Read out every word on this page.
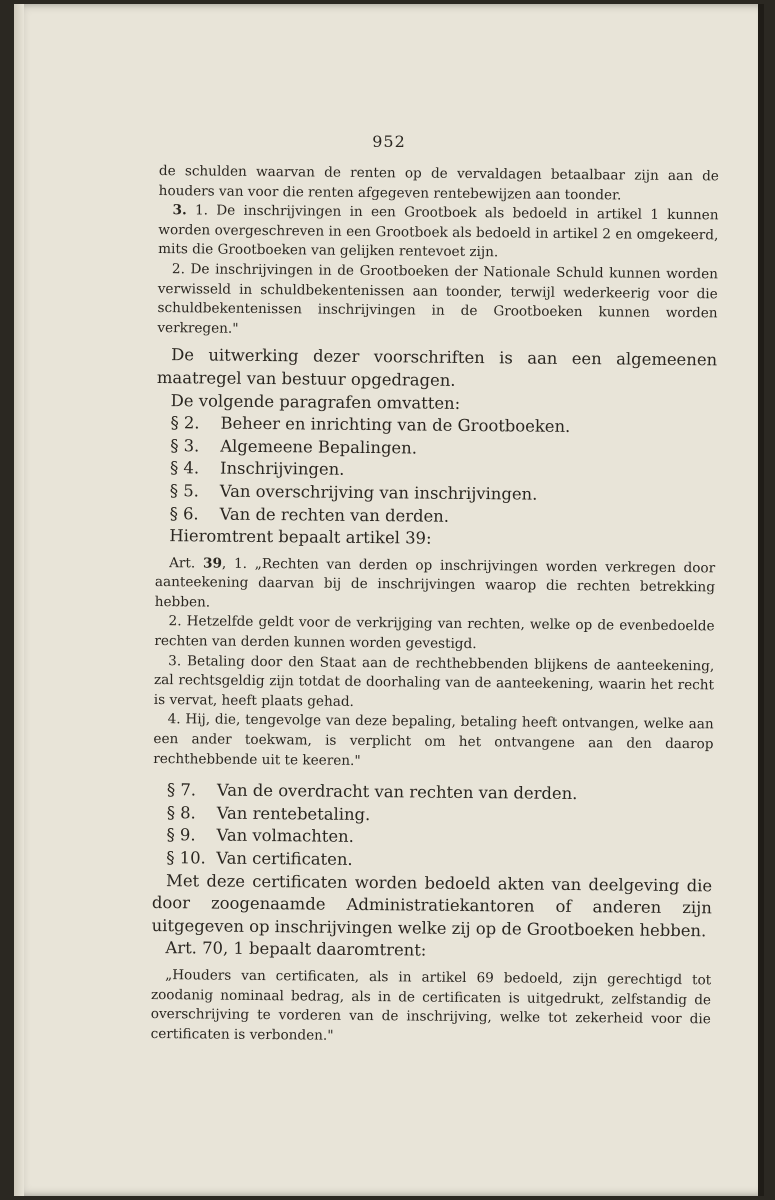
952

de schulden waarvan de renten op de vervaldagen betaalbaar zijn aan de houders van voor die renten afgegeven rentebewijzen aan toonder.

3. 1. De inschrijvingen in een Grootboek als bedoeld in artikel 1 kunnen worden overgeschreven in een Grootboek als bedoeld in artikel 2 en omgekeerd, mits die Grootboeken van gelijken rentevoet zijn.

2. De inschrijvingen in de Grootboeken der Nationale Schuld kunnen worden verwisseld in schuldbekentenissen aan toonder, terwijl wederkeerig voor die schuldbekentenissen inschrijvingen in de Grootboeken kunnen worden verkregen."

De uitwerking dezer voorschriften is aan een algemeenen maatregel van bestuur opgedragen.

De volgende paragrafen omvatten:

§ 2. Beheer en inrichting van de Grootboeken.

§ 3. Algemeene Bepalingen.

§ 4. Inschrijvingen.

§ 5. Van overschrijving van inschrijvingen.

§ 6. Van de rechten van derden.

Hieromtrent bepaalt artikel 39:

Art. 39, 1. „Rechten van derden op inschrijvingen worden verkregen door aanteekening daarvan bij de inschrijvingen waarop die rechten betrekking hebben.

2. Hetzelfde geldt voor de verkrijging van rechten, welke op de evenbedoelde rechten van derden kunnen worden gevestigd.

3. Betaling door den Staat aan de rechthebbenden blijkens de aanteekening, zal rechtsgeldig zijn totdat de doorhaling van de aanteekening, waarin het recht is vervat, heeft plaats gehad.

4. Hij, die, tengevolge van deze bepaling, betaling heeft ontvangen, welke aan een ander toekwam, is verplicht om het ontvangene aan den daarop rechthebbende uit te keeren."

§ 7. Van de overdracht van rechten van derden.

§ 8. Van rentebetaling.

§ 9. Van volmachten.

§ 10. Van certificaten.

Met deze certificaten worden bedoeld akten van deelgeving die door zoogenaamde Administratiekantoren of anderen zijn uitgegeven op inschrijvingen welke zij op de Grootboeken hebben.

Art. 70, 1 bepaalt daaromtrent:

„Houders van certificaten, als in artikel 69 bedoeld, zijn gerechtigd tot zoodanig nominaal bedrag, als in de certificaten is uitgedrukt, zelfstandig de overschrijving te vorderen van de inschrijving, welke tot zekerheid voor die certificaten is verbonden."
